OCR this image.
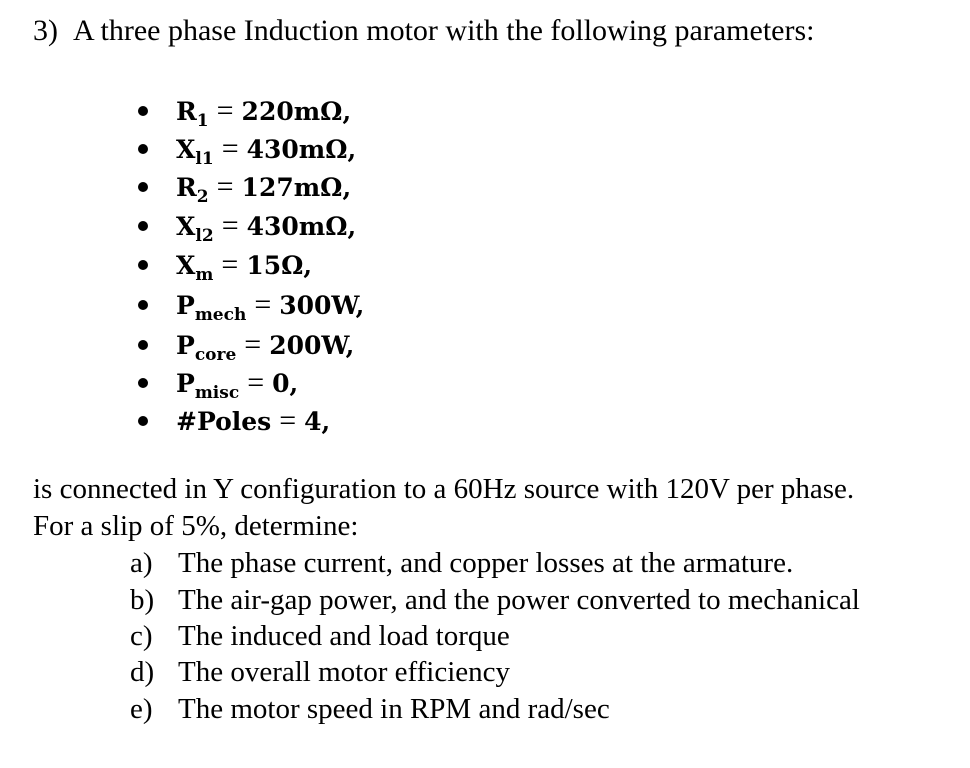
3)  A three phase Induction motor with the following parameters:
$R_1 = 220m\Omega$,
$X_{l1} = 430m\Omega$,
$R_2 = 127m\Omega$,
$X_{l2} = 430m\Omega$,
$X_m = 15\Omega$,
$P_{mech} = 300W$,
$P_{core} = 200W$,
$P_{misc} = 0$,
#Poles = 4,
is connected in Y configuration to a 60Hz source with 120V per phase.
For a slip of 5%, determine:
a) The phase current, and copper losses at the armature.
b) The air-gap power, and the power converted to mechanical
c) The induced and load torque
d) The overall motor efficiency
e) The motor speed in RPM and rad/sec
